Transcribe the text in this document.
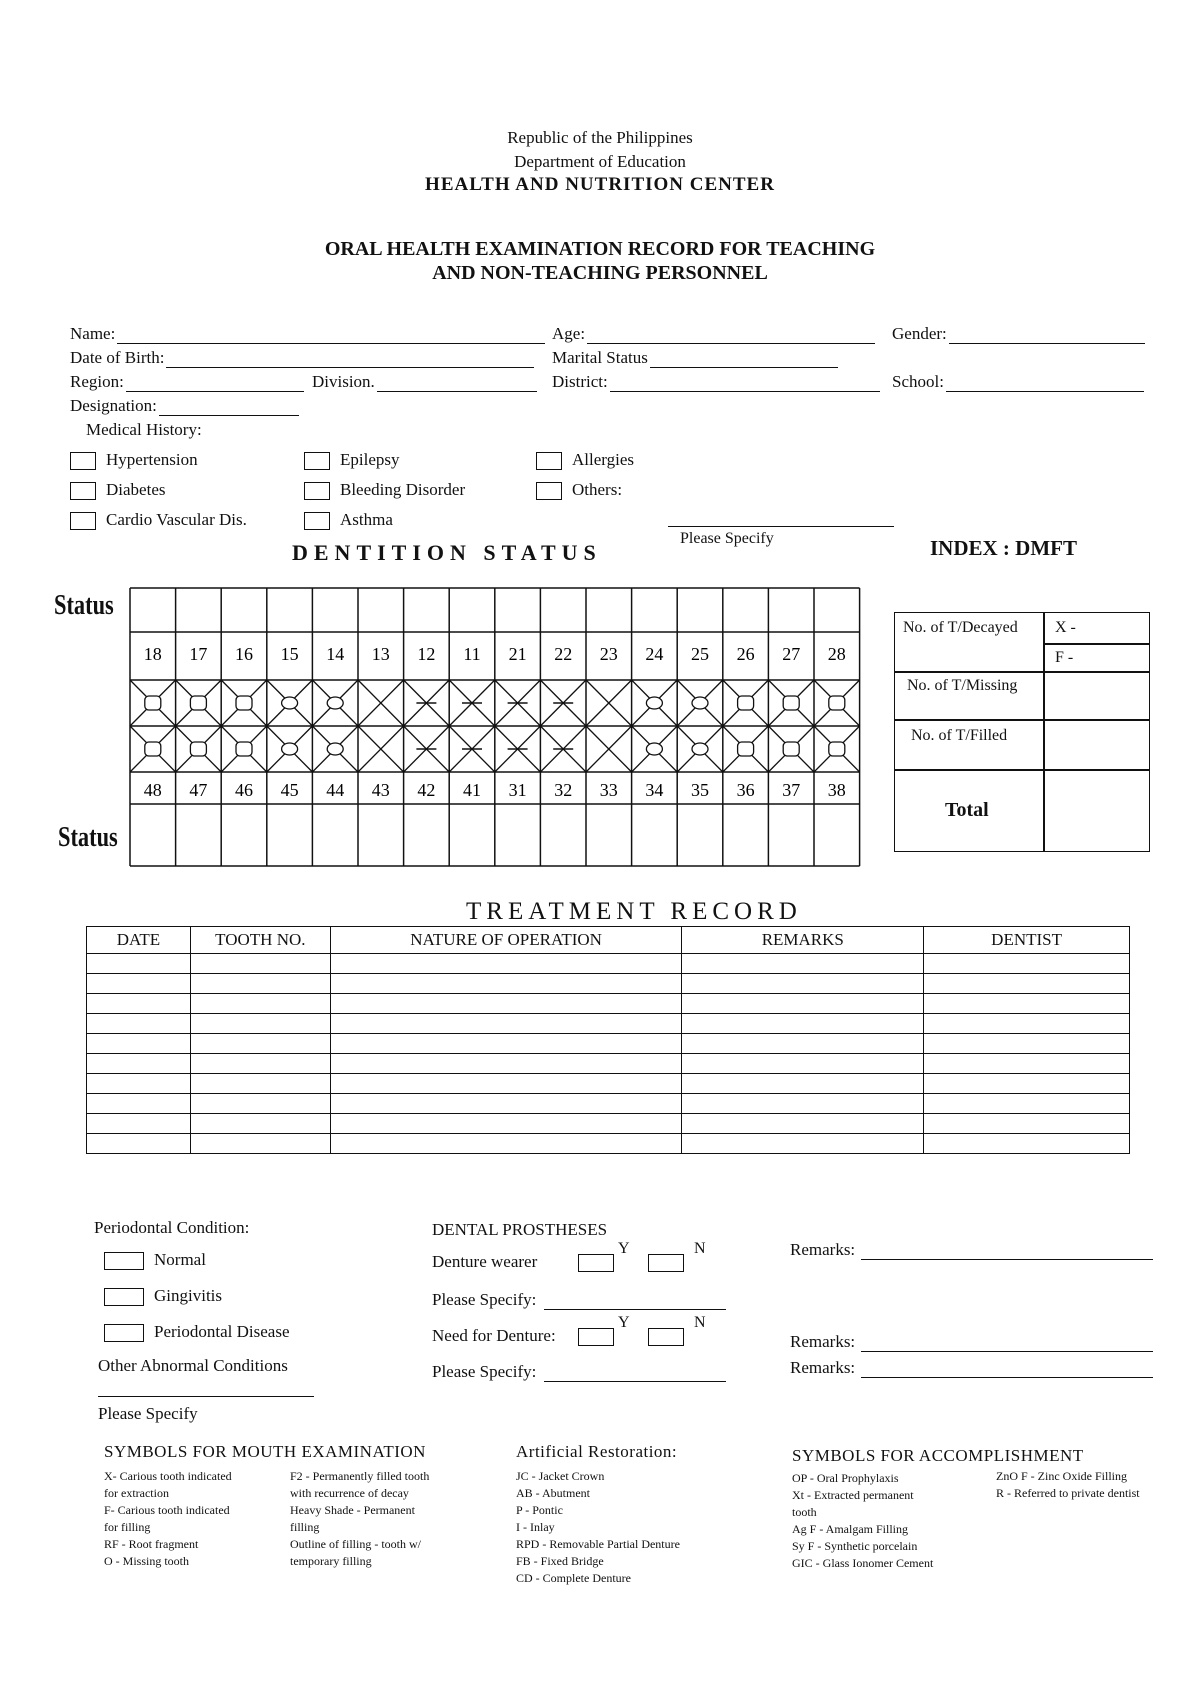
Republic of the Philippines
Department of Education
HEALTH AND NUTRITION CENTER
ORAL HEALTH EXAMINATION RECORD FOR TEACHING
AND NON-TEACHING PERSONNEL
Name:	Age:	Gender:
Date of Birth:	Marital Status
Region:	Division.	District:	School:
Designation:
Medical History:
Hypertension
Diabetes
Cardio Vascular Dis.
Epilepsy
Bleeding Disorder
Asthma
Allergies
Others:
Please Specify
DENTITION STATUS	INDEX : DMFT
Status
Status
18 17 16 15 14 13 12 11 21 22 23 24 25 26 27 28
48 47 46 45 44 43 42 41 31 32 33 34 35 36 37 38
No. of T/Decayed X -
F -
No. of T/Missing
No. of T/Filled
Total
TREATMENT RECORD
DATE	TOOTH NO.	NATURE OF OPERATION	REMARKS	DENTIST

Periodontal Condition:
Normal
Gingivitis
Periodontal Disease
Other Abnormal Conditions
Please Specify
DENTAL PROSTHESES
Denture wearer
Y	N
Please Specify:
Need for Denture:
Y	N
Please Specify:
Remarks:
Remarks:
Remarks:
SYMBOLS FOR MOUTH EXAMINATION
X- Carious tooth indicated
for extraction
F- Carious tooth indicated
for filling
RF - Root fragment
O - Missing tooth
F2 - Permanently filled tooth
with recurrence of decay
Heavy Shade - Permanent
filling
Outline of filling - tooth w/
temporary filling
Artificial Restoration:
JC - Jacket Crown
AB - Abutment
P - Pontic
I - Inlay
RPD - Removable Partial Denture
FB - Fixed Bridge
CD - Complete Denture
SYMBOLS FOR ACCOMPLISHMENT
OP - Oral Prophylaxis
Xt - Extracted permanent
tooth
Ag F - Amalgam Filling
Sy F - Synthetic porcelain
GIC - Glass Ionomer Cement
ZnO F - Zinc Oxide Filling
R - Referred to private dentist
